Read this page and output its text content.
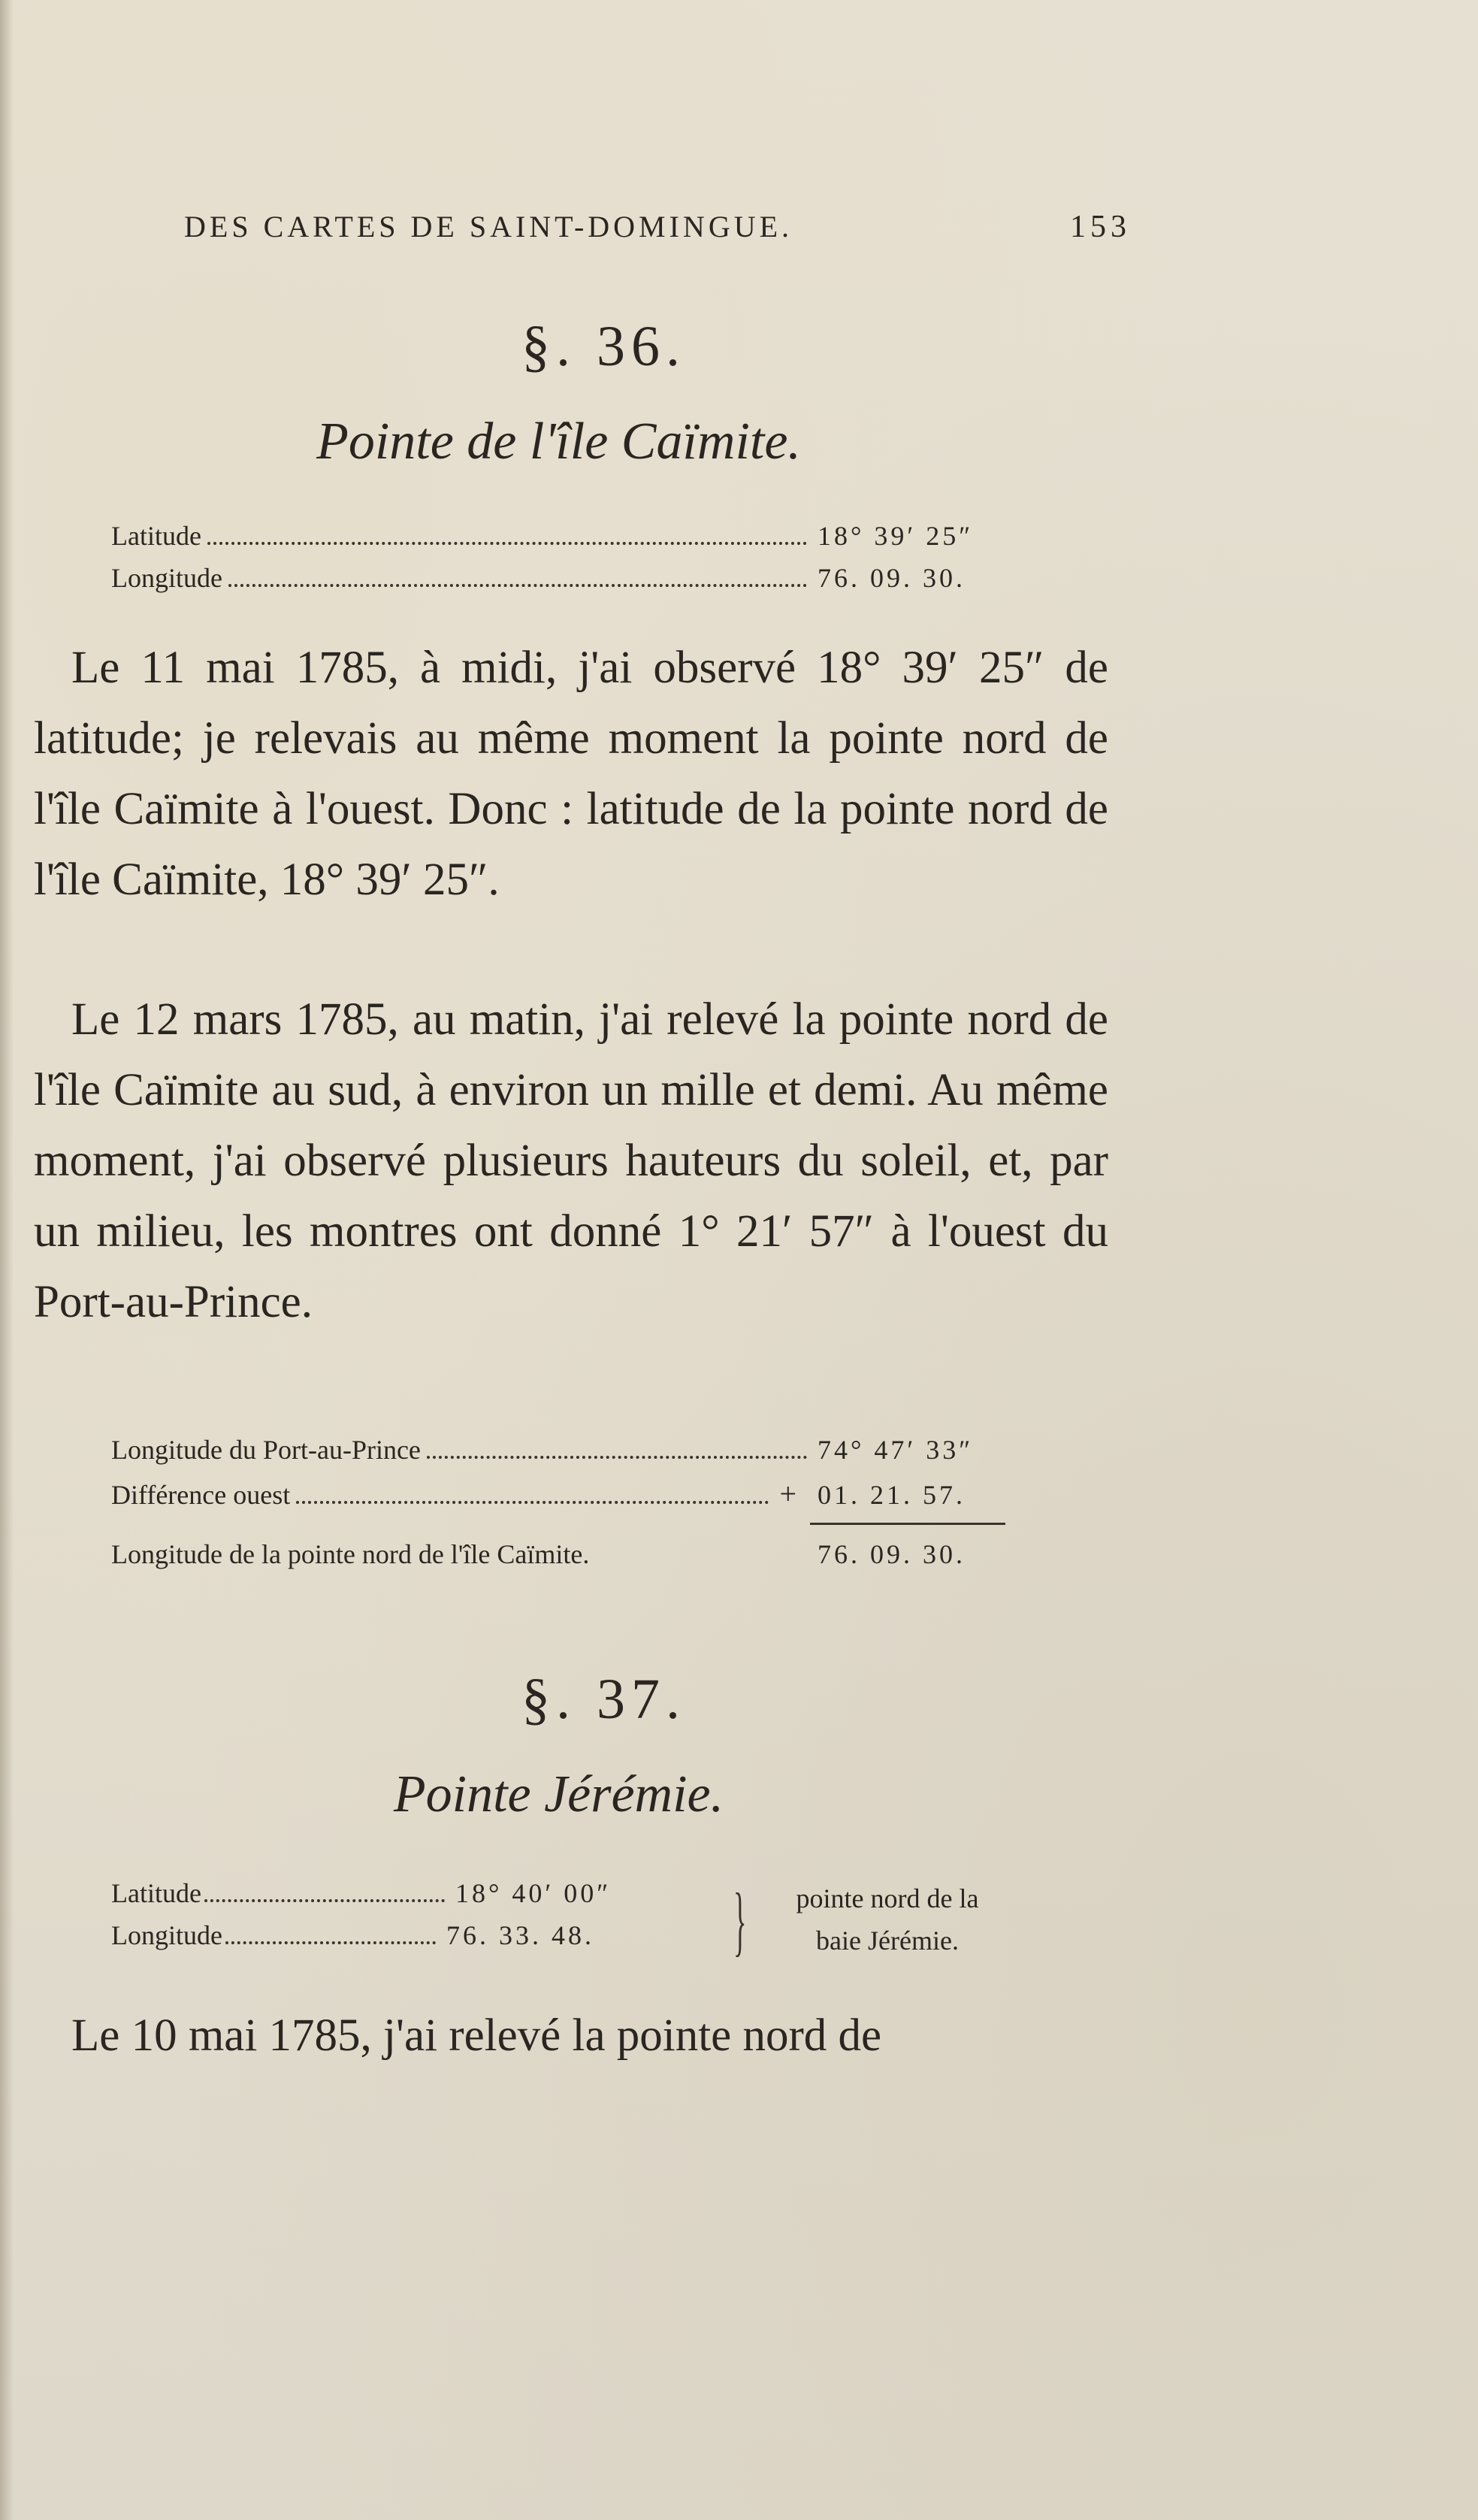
DES CARTES DE SAINT-DOMINGUE.	153
§. 36.
Pointe de l'île Caïmite.
Latitude	18° 39′ 25″
Longitude	76. 09. 30.
Le 11 mai 1785, à midi, j'ai observé 18° 39′ 25″ de latitude; je relevais au même moment la pointe nord de l'île Caïmite à l'ouest. Donc : latitude de la pointe nord de l'île Caïmite, 18° 39′ 25″.
Le 12 mars 1785, au matin, j'ai relevé la pointe nord de l'île Caïmite au sud, à environ un mille et demi. Au même moment, j'ai observé plusieurs hauteurs du soleil, et, par un milieu, les montres ont donné 1° 21′ 57″ à l'ouest du Port-au-Prince.
Longitude du Port-au-Prince	74° 47′ 33″
Différence ouest	+ 01. 21. 57.
Longitude de la pointe nord de l'île Caïmite.	76. 09. 30.
§. 37.
Pointe Jérémie.
Latitude	18° 40′ 00″
Longitude	76. 33. 48.	}	pointe nord de la
baie Jérémie.
Le 10 mai 1785, j'ai relevé la pointe nord de
